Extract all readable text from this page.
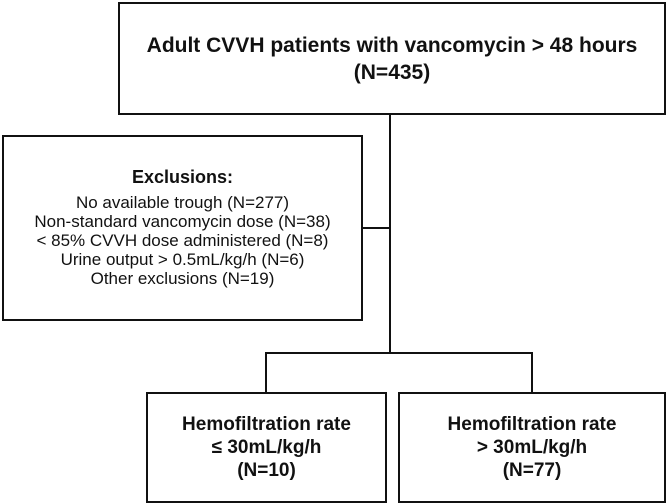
Adult CVVH patients with vancomycin > 48 hours
(N=435)
Exclusions:
No available trough (N=277)
Non-standard vancomycin dose (N=38)
< 85% CVVH dose administered (N=8)
Urine output > 0.5mL/kg/h (N=6)
Other exclusions (N=19)
Hemofiltration rate
≤ 30mL/kg/h
(N=10)
Hemofiltration rate
> 30mL/kg/h
(N=77)
